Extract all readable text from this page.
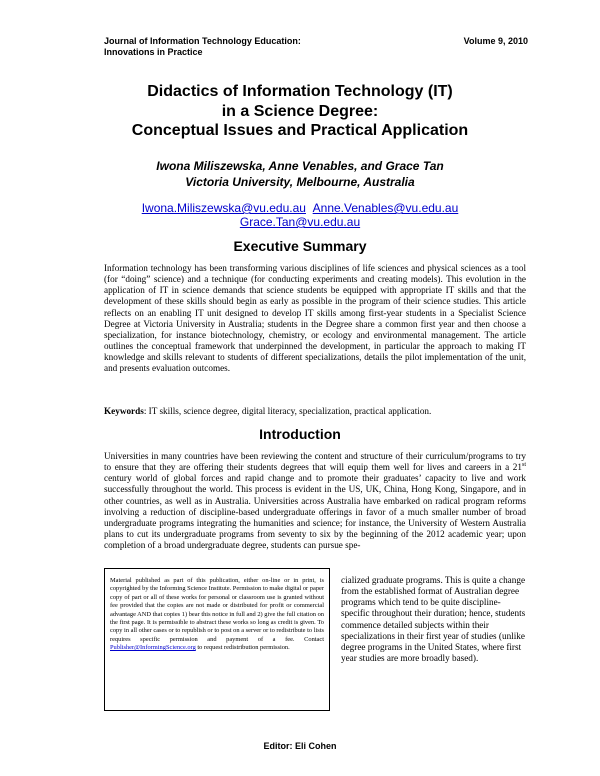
Journal of Information Technology Education:
Innovations in Practice
Volume 9, 2010
Didactics of Information Technology (IT)
in a Science Degree:
Conceptual Issues and Practical Application
Iwona Miliszewska, Anne Venables, and Grace Tan
Victoria University, Melbourne, Australia
Iwona.Miliszewska@vu.edu.au Anne.Venables@vu.edu.au
Grace.Tan@vu.edu.au
Executive Summary
Information technology has been transforming various disciplines of life sciences and physical sciences as a tool (for “doing” science) and a technique (for conducting experiments and creating models). This evolution in the application of IT in science demands that science students be equipped with appropriate IT skills and that the development of these skills should begin as early as possible in the program of their science studies. This article reflects on an enabling IT unit designed to develop IT skills among first-year students in a Specialist Science Degree at Victoria University in Australia; students in the Degree share a common first year and then choose a specialization, for instance biotechnology, chemistry, or ecology and environmental management. The article outlines the conceptual framework that underpinned the development, in particular the approach to making IT knowledge and skills relevant to students of different specializations, details the pilot implementation of the unit, and presents evaluation outcomes.
Keywords: IT skills, science degree, digital literacy, specialization, practical application.
Introduction
Universities in many countries have been reviewing the content and structure of their curriculum/programs to try to ensure that they are offering their students degrees that will equip them well for lives and careers in a 21st century world of global forces and rapid change and to promote their graduates’ capacity to live and work successfully throughout the world. This process is evident in the US, UK, China, Hong Kong, Singapore, and in other countries, as well as in Australia. Universities across Australia have embarked on radical program reforms involving a reduction of discipline-based undergraduate offerings in favor of a much smaller number of broad undergraduate programs integrating the humanities and science; for instance, the University of Western Australia plans to cut its undergraduate programs from seventy to six by the beginning of the 2012 academic year; upon completion of a broad undergraduate degree, students can pursue spe-
Material published as part of this publication, either on-line or in print, is copyrighted by the Informing Science Institute. Permission to make digital or paper copy of part or all of these works for personal or classroom use is granted without fee provided that the copies are not made or distributed for profit or commercial advantage AND that copies 1) bear this notice in full and 2) give the full citation on the first page. It is permissible to abstract these works so long as credit is given. To copy in all other cases or to republish or to post on a server or to redistribute to lists requires specific permission and payment of a fee. Contact Publisher@InformingScience.org to request redistribution permission.
cialized graduate programs. This is quite a change from the established format of Australian degree programs which tend to be quite discipline-specific throughout their duration; hence, students commence detailed subjects within their specializations in their first year of studies (unlike degree programs in the United States, where first year studies are more broadly based).
Editor: Eli Cohen
